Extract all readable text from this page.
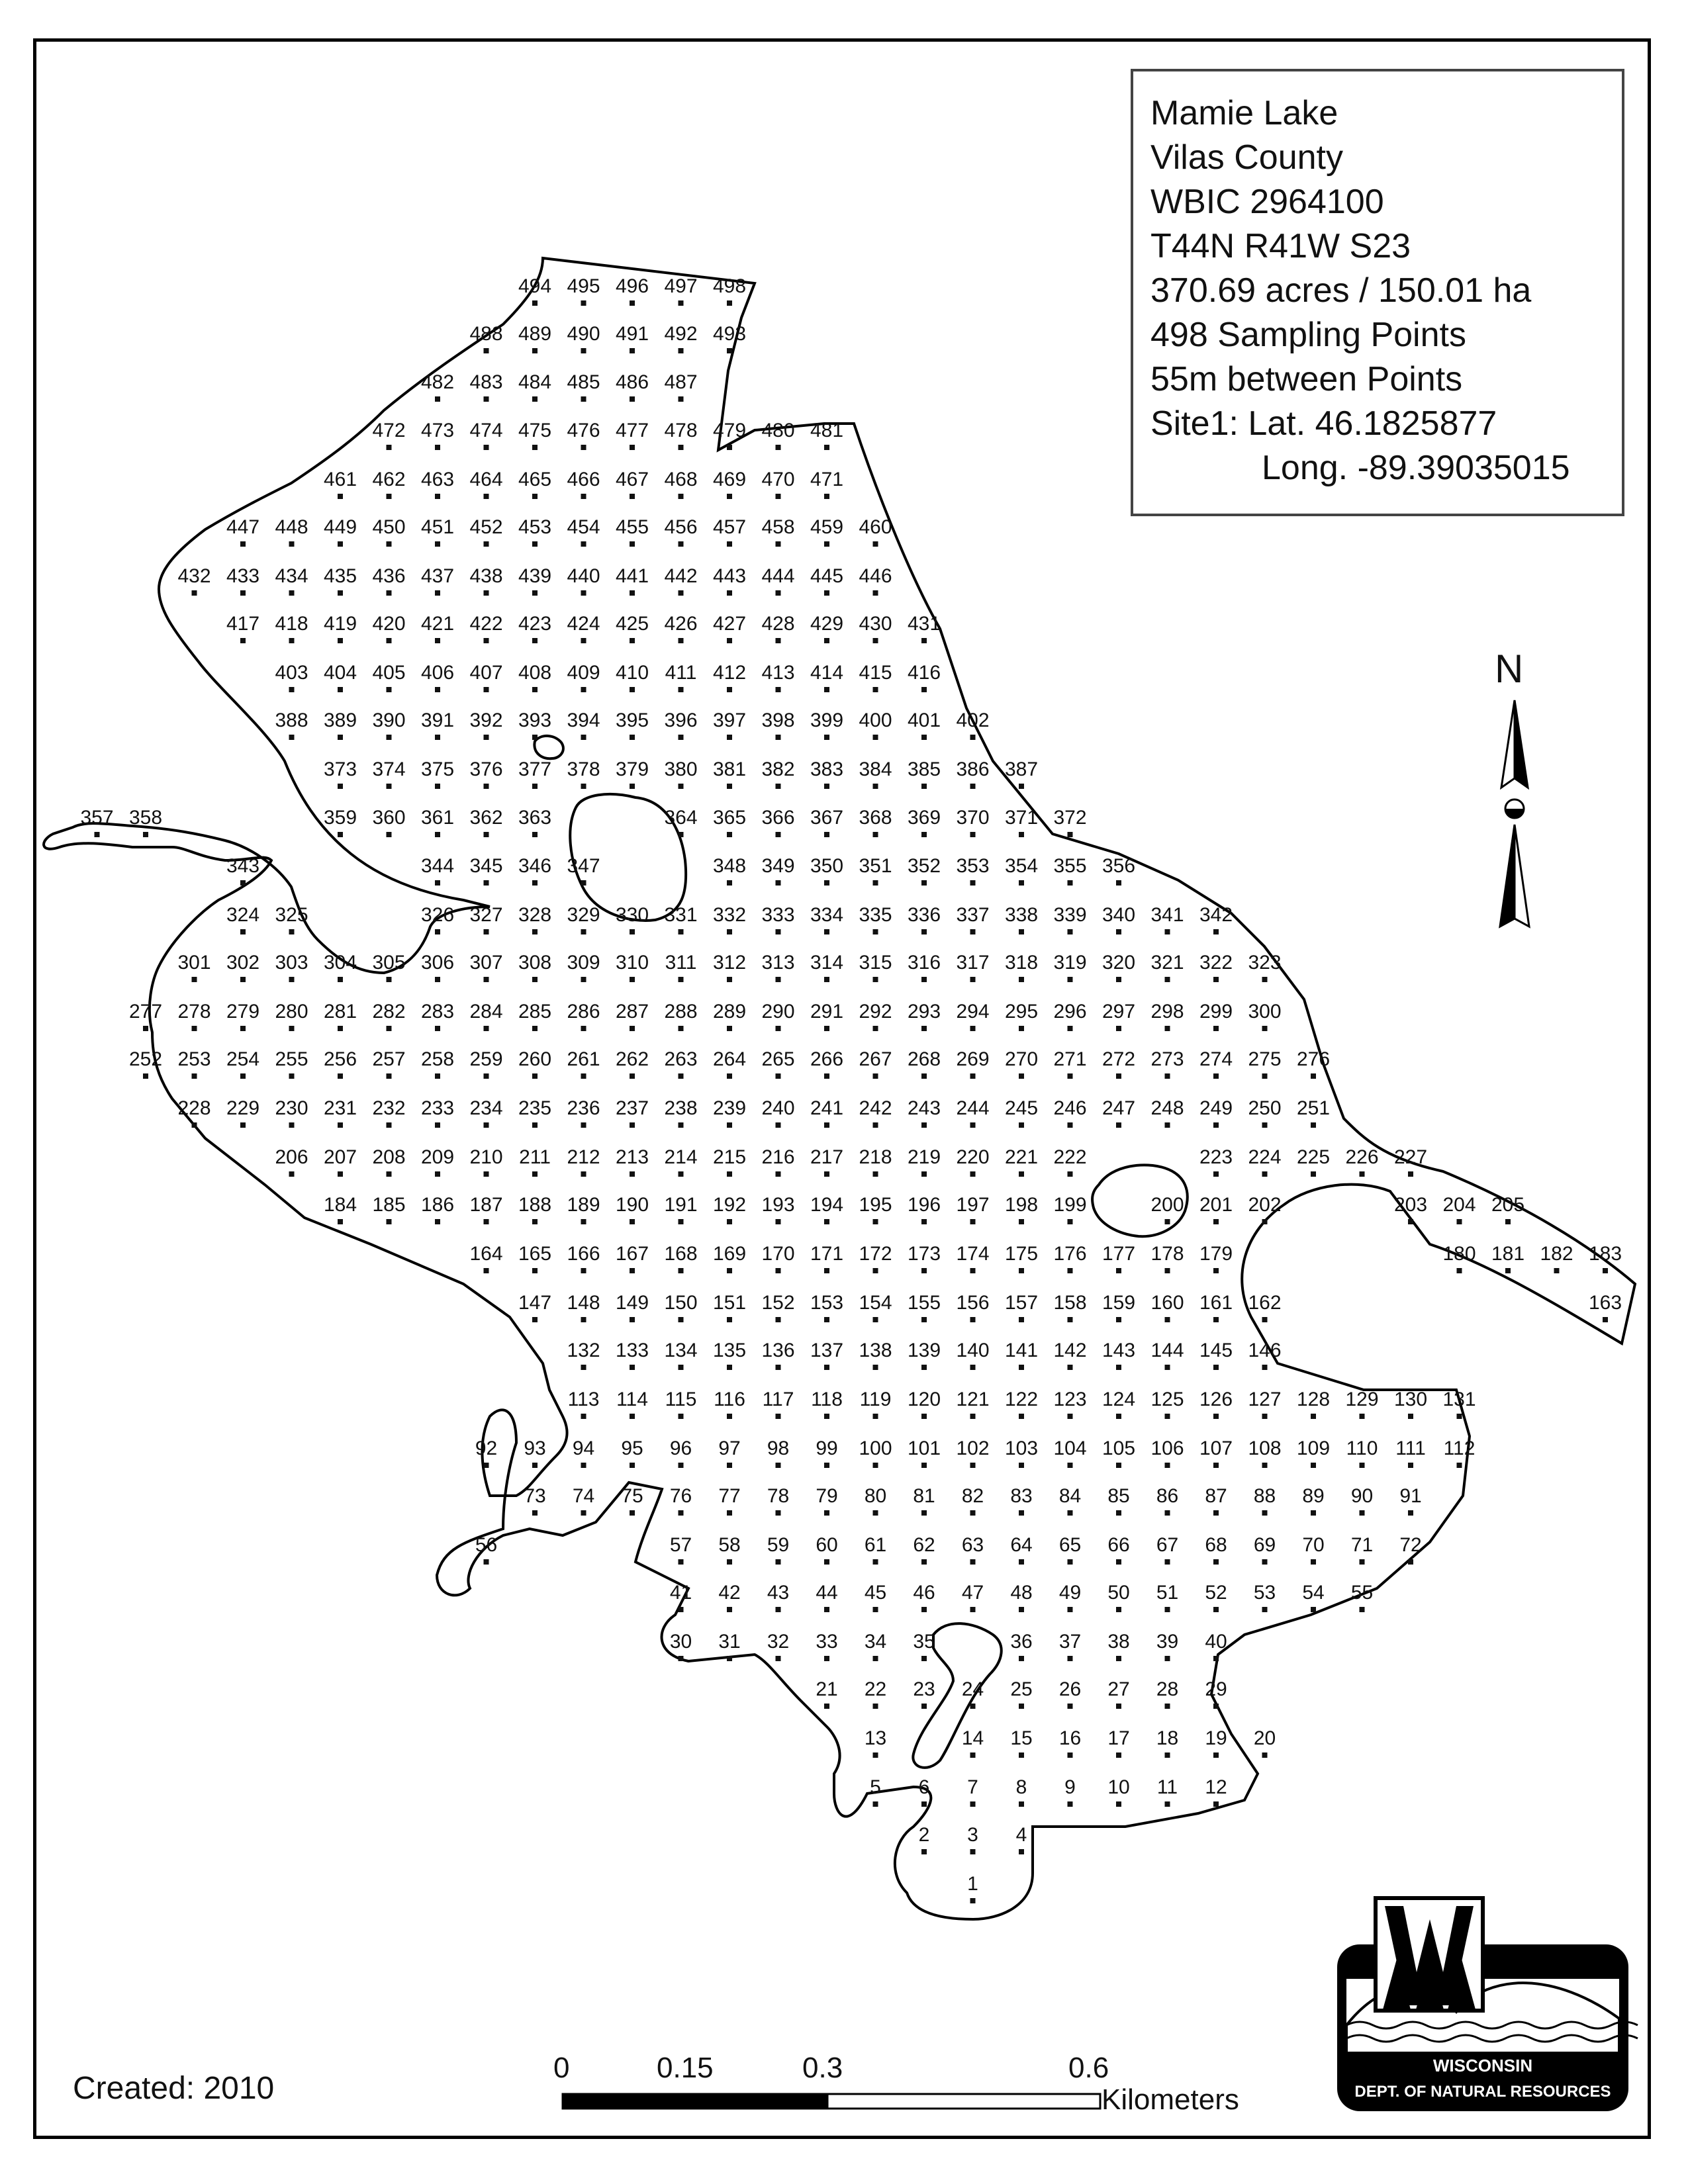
494 495 496 497 498
488 489 490 491 492 493
482 483 484 485 486 487
472 473 474 475 476 477 478 479 480 481
461 462 463 464 465 466 467 468 469 470 471
447 448 449 450 451 452 453 454 455 456 457 458 459 460
432 433 434 435 436 437 438 439 440 441 442 443 444 445 446
417 418 419 420 421 422 423 424 425 426 427 428 429 430 431
403 404 405 406 407 408 409 410 411 412 413 414 415 416
388 389 390 391 392 393 394 395 396 397 398 399 400 401 402
373 374 375 376 377 378 379 380 381 382 383 384 385 386 387
359 360 361 362 363	364 365 366 367 368 369 370 371 372
357 358
343	344 345 346 347	348 349 350 351 352 353 354 355 356
324 325	326 327 328 329 330 331 332 333 334 335 336 337 338 339 340 341 342
301 302 303 304 305 306 307 308 309 310 311 312 313 314 315 316 317 318 319 320 321 322 323
277 278 279 280 281 282 283 284 285 286 287 288 289 290 291 292 293 294 295 296 297 298 299 300
252 253 254 255 256 257 258 259 260 261 262 263 264 265 266 267 268 269 270 271 272 273 274 275 276
228 229 230 231 232 233 234 235 236 237 238 239 240 241 242 243 244 245 246 247 248 249 250 251
206 207 208 209 210 211 212 213 214 215 216 217 218 219 220 221 222	223 224 225 226 227
184 185 186 187 188 189 190 191 192 193 194 195 196 197 198 199	200 201 202	203 204 205
164 165 166 167 168 169 170 171 172 173 174 175 176 177 178 179	180 181 182 183
147 148 149 150 151 152 153 154 155 156 157 158 159 160 161 162	163
132 133 134 135 136 137 138 139 140 141 142 143 144 145 146
113 114 115 116 117 118 119 120 121 122 123 124 125 126 127 128 129 130 131
92 93 94 95 96 97 98 99 100 101 102 103 104 105 106 107 108 109 110 111 112
73 74 75 76 77 78 79 80 81 82 83 84 85 86 87 88 89 90 91
56	57 58 59 60 61 62 63 64 65 66 67 68 69 70 71 72
41 42 43 44 45 46 47 48 49 50 51 52 53 54 55
30 31 32 33 34 35	36 37 38 39 40
21 22 23 24 25 26 27 28 29
13	14 15 16 17 18 19 20
5 6 7 8 9 10 11 12
2 3 4
1
WISCONSIN
DEPT. OF NATURAL RESOURCES
Mamie Lake
Vilas County
WBIC 2964100
T44N R41W S23
370.69 acres / 150.01 ha
498 Sampling Points
55m between Points
Site1: Lat. 46.1825877
Long. -89.39035015
N
Created: 2010
0	0.15	0.3	0.6
Kilometers
